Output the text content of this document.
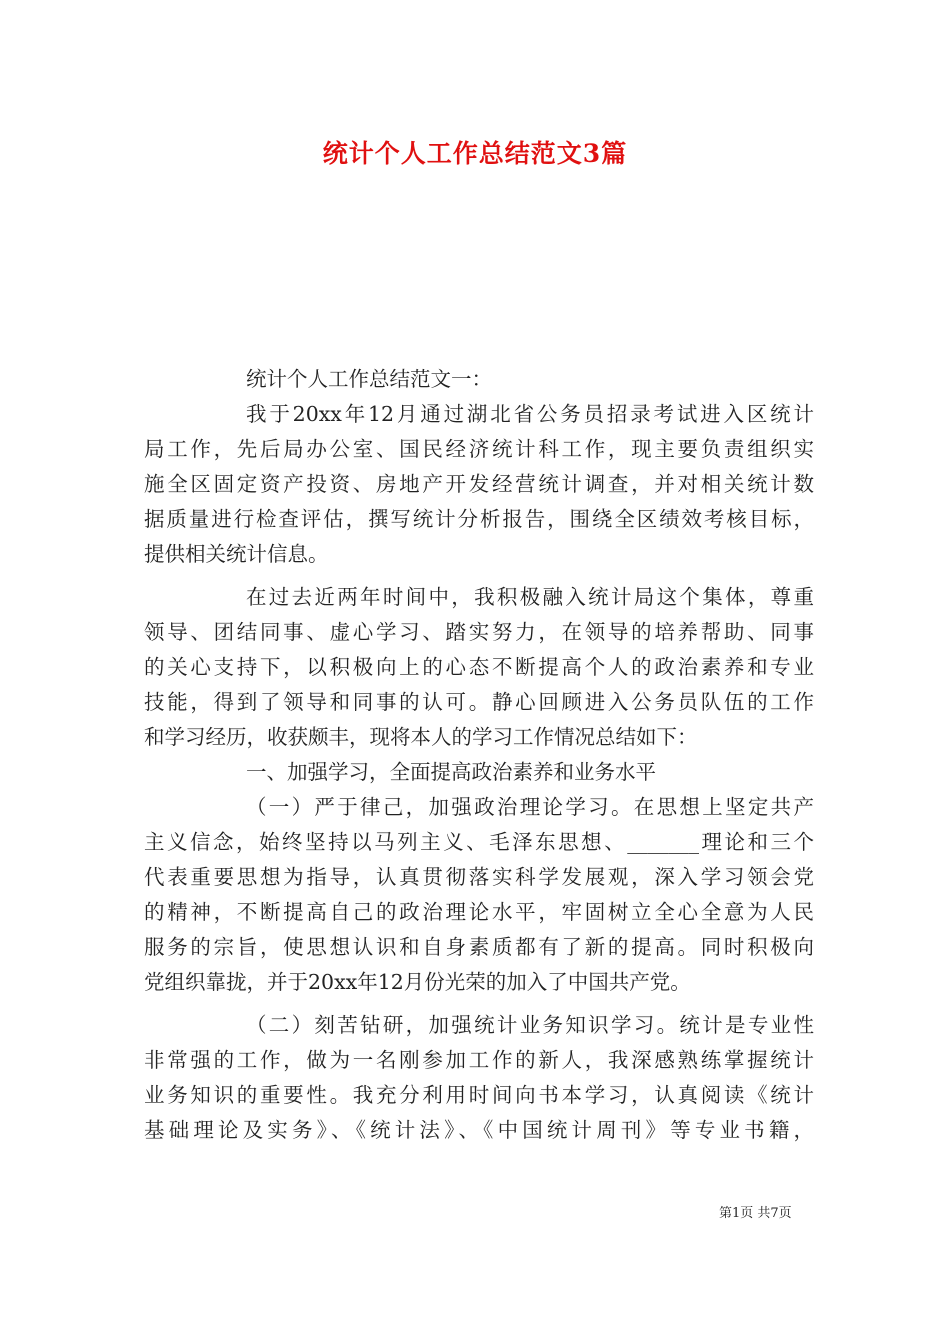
统计个人工作总结范文3篇
统计个人工作总结范文一：
我于20xx年12月通过湖北省公务员招录考试进入区统计
局工作，先后局办公室、国民经济统计科工作，现主要负责组织实
施全区固定资产投资、房地产开发经营统计调查，并对相关统计数
据质量进行检查评估，撰写统计分析报告，围绕全区绩效考核目标，
提供相关统计信息。
在过去近两年时间中，我积极融入统计局这个集体，尊重
领导、团结同事、虚心学习、踏实努力，在领导的培养帮助、同事
的关心支持下，以积极向上的心态不断提高个人的政治素养和专业
技能，得到了领导和同事的认可。静心回顾进入公务员队伍的工作
和学习经历，收获颇丰，现将本人的学习工作情况总结如下：
一、加强学习，全面提高政治素养和业务水平
（一）严于律己，加强政治理论学习。在思想上坚定共产
主义信念，始终坚持以马列主义、毛泽东思想、_______理论和三个
代表重要思想为指导，认真贯彻落实科学发展观，深入学习领会党
的精神，不断提高自己的政治理论水平，牢固树立全心全意为人民
服务的宗旨，使思想认识和自身素质都有了新的提高。同时积极向
党组织靠拢，并于20xx年12月份光荣的加入了中国共产党。
（二）刻苦钻研，加强统计业务知识学习。统计是专业性
非常强的工作，做为一名刚参加工作的新人，我深感熟练掌握统计
业务知识的重要性。我充分利用时间向书本学习，认真阅读《统计
基础理论及实务》、《统计法》、《中国统计周刊》等专业书籍，
第1页 共7页
